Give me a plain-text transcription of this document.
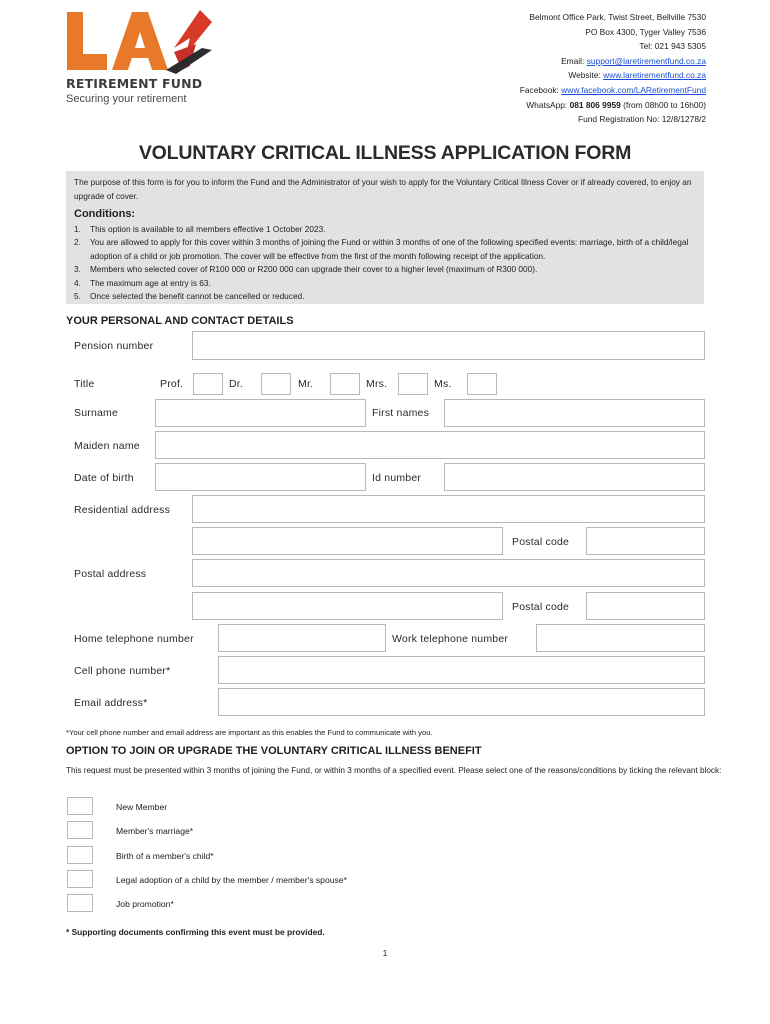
RETIREMENT FUND
Securing your retirement
Belmont Office Park, Twist Street, Bellville 7530
PO Box 4300, Tyger Valley 7536
Tel: 021 943 5305
Email: support@laretirementfund.co.za
Website: www.laretirementfund.co.za
Facebook: www.facebook.com/LARetirementFund
WhatsApp: 081 806 9959 (from 08h00 to 16h00)
Fund Registration No: 12/8/1278/2
VOLUNTARY CRITICAL ILLNESS APPLICATION FORM
The purpose of this form is for you to inform the Fund and the Administrator of your wish to apply for the Voluntary Critical Illness Cover or if already covered, to enjoy an upgrade of cover.
Conditions:
1.	This option is available to all members effective 1 October 2023.
2.	You are allowed to apply for this cover within 3 months of joining the Fund or within 3 months of one of the following specified events: marriage, birth of a child/legal adoption of a child or job promotion. The cover will be effective from the first of the month following receipt of the application.
3.	Members who selected cover of R100 000 or R200 000 can upgrade their cover to a higher level (maximum of R300 000).
4.	The maximum age at entry is 63.
5.	Once selected the benefit cannot be cancelled or reduced.
YOUR PERSONAL AND CONTACT DETAILS
Pension number
Title	Prof.	Dr.	Mr.	Mrs.	Ms.
Surname	First names
Maiden name
Date of birth	Id number
Residential address
Postal code
Postal address
Postal code
Home telephone number	Work telephone number
Cell phone number*
Email address*
*Your cell phone number and email address are important as this enables the Fund to communicate with you.
OPTION TO JOIN OR UPGRADE THE VOLUNTARY CRITICAL ILLNESS BENEFIT
This request must be presented within 3 months of joining the Fund, or within 3 months of a specified event. Please select one of the reasons/conditions by ticking the relevant block:
New Member
Member's marriage*
Birth of a member's child*
Legal adoption of a child by the member / member's spouse*
Job promotion*
* Supporting documents confirming this event must be provided.
1
